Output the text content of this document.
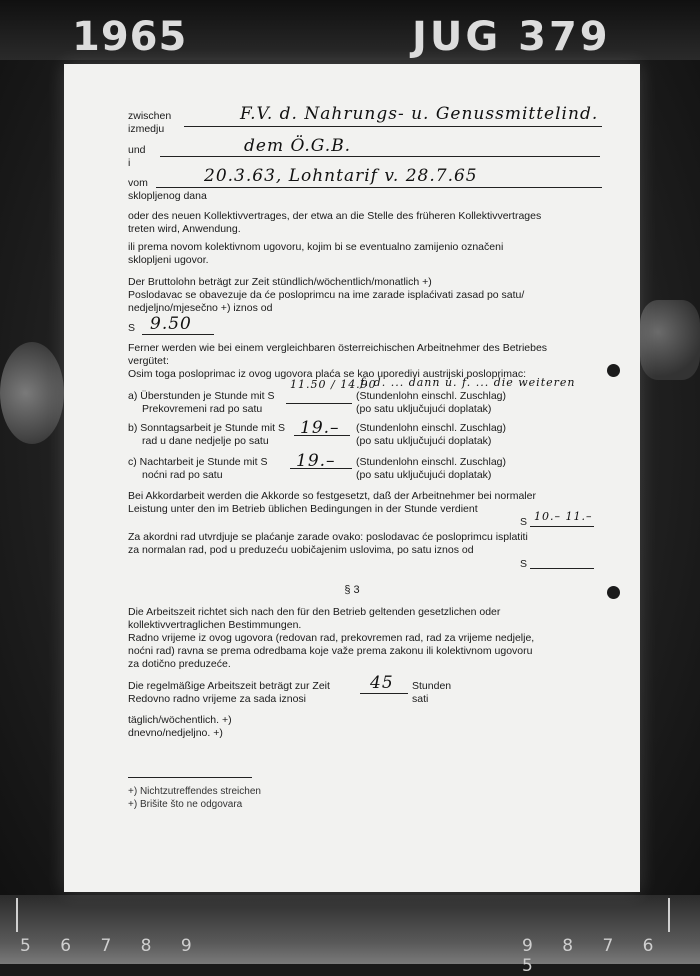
1965	JUG 379
5 6 7 8 9	9 8 7 6 5
zwischen
izmedju
F.V. d. Nahrungs- u. Genussmittelind.
und
i
dem Ö.G.B.
vom
sklopljenog dana
20.3.63, Lohntarif v. 28.7.65
oder des neuen Kollektivvertrages, der etwa an die Stelle des früheren Kollektivvertrages
treten wird, Anwendung.
ili prema novom kolektivnom ugovoru, kojim bi se eventualno zamijenio označeni
sklopljeni ugovor.
Der Bruttolohn beträgt zur Zeit stündlich/wöchentlich/monatlich +)
Poslodavac se obavezuje da će posloprimcu na ime zarade isplaćivati zasad po satu/
nedjeljno/mjesečno +) iznos od
S 9.50
Ferner werden wie bei einem vergleichbaren österreichischen Arbeitnehmer des Betriebes
vergütet:
Osim toga posloprimac iz ovog ugovora plaća se kao uporedivi austrijski posloprimac:
a) Überstunden je Stunde mit S
Prekovremeni rad po satu
11.50 / 14.90
f. d. ... dann u. f. ... die weiteren
(Stundenlohn einschl. Zuschlag)
(po satu uključujući doplatak)
b) Sonntagsarbeit je Stunde mit S
rad u dane nedjelje po satu
19.– (Stundenlohn einschl. Zuschlag)
(po satu uključujući doplatak)
c) Nachtarbeit je Stunde mit S
noćni rad po satu
19.– (Stundenlohn einschl. Zuschlag)
(po satu uključujući doplatak)
Bei Akkordarbeit werden die Akkorde so festgesetzt, daß der Arbeitnehmer bei normaler
Leistung unter den im Betrieb üblichen Bedingungen in der Stunde verdient
S 10.– 11.–
Za akordni rad utvrdjuje se plaćanje zarade ovako: poslodavac će posloprimcu isplatiti
za normalan rad, pod u preduzeću uobičajenim uslovima, po satu iznos od
S
§ 3
Die Arbeitszeit richtet sich nach den für den Betrieb geltenden gesetzlichen oder
kollektivvertraglichen Bestimmungen.
Radno vrijeme iz ovog ugovora (redovan rad, prekovremen rad, rad za vrijeme nedjelje,
noćni rad) ravna se prema odredbama koje važe prema zakonu ili kolektivnom ugovoru
za dotično preduzeće.
Die regelmäßige Arbeitszeit beträgt zur Zeit
Redovno radno vrijeme za sada iznosi
45 Stunden
sati
täglich/wöchentlich. +)
dnevno/nedjeljno. +)
+) Nichtzutreffendes streichen
+) Brišite što ne odgovara
